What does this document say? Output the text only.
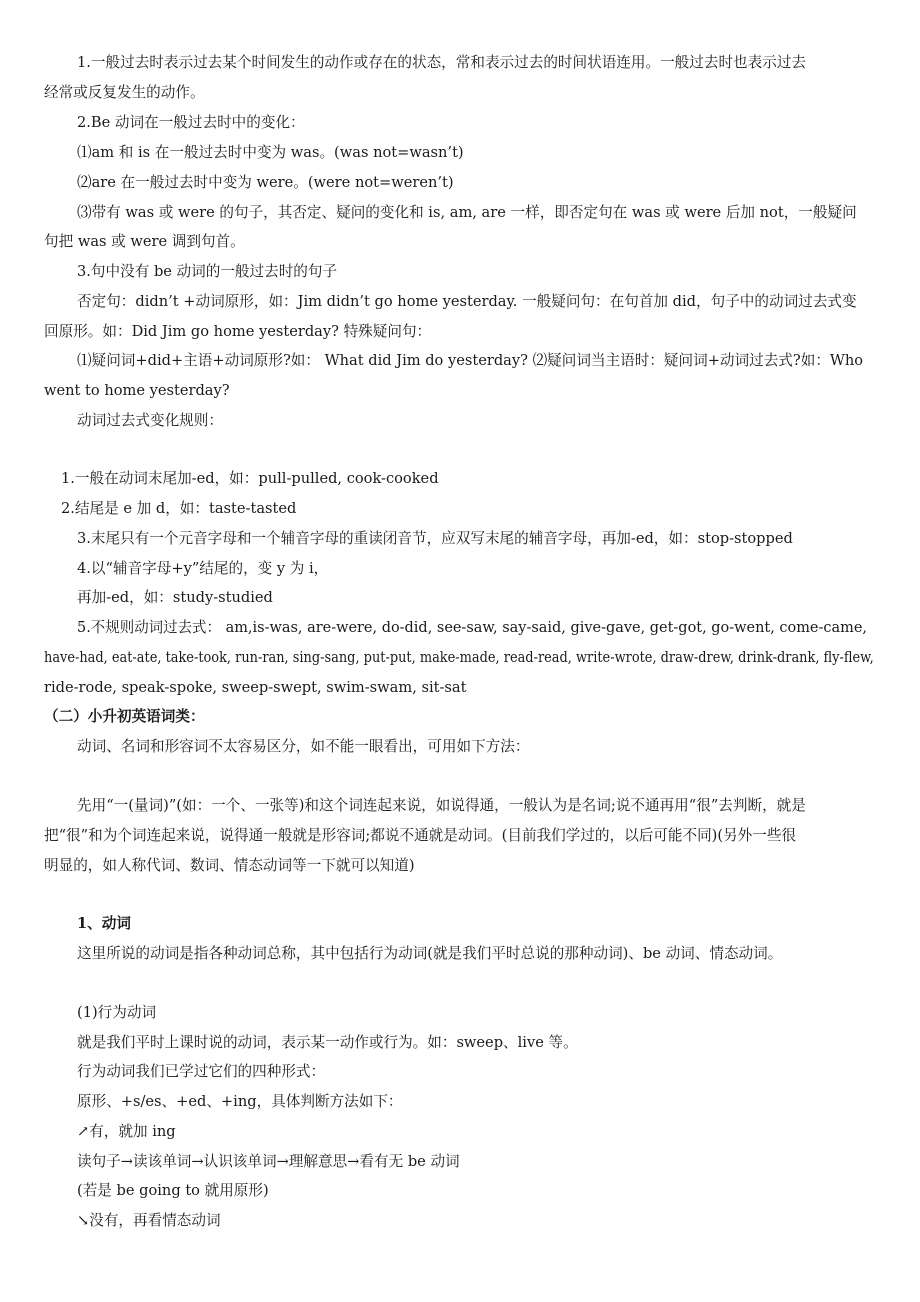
1.一般过去时表示过去某个时间发生的动作或存在的状态，常和表示过去的时间状语连用。一般过去时也表示过去
经常或反复发生的动作。
2.Be 动词在一般过去时中的变化：
⑴am 和 is 在一般过去时中变为 was。(was not=wasn’t)
⑵are 在一般过去时中变为 were。(were not=weren’t)
⑶带有 was 或 were 的句子，其否定、疑问的变化和 is, am, are 一样，即否定句在 was 或 were 后加 not，一般疑问
句把 was 或 were 调到句首。
3.句中没有 be 动词的一般过去时的句子
否定句：didn’t +动词原形，如：Jim didn’t go home yesterday. 一般疑问句：在句首加 did，句子中的动词过去式变
回原形。如：Did Jim go home yesterday? 特殊疑问句：
⑴疑问词+did+主语+动词原形?如： What did Jim do yesterday? ⑵疑问词当主语时：疑问词+动词过去式?如：Who
went to home yesterday?
动词过去式变化规则：
1.一般在动词末尾加-ed，如：pull-pulled, cook-cooked
2.结尾是 e 加 d，如：taste-tasted
3.末尾只有一个元音字母和一个辅音字母的重读闭音节，应双写末尾的辅音字母，再加-ed，如：stop-stopped
4.以“辅音字母+y”结尾的，变 y 为 i，
再加-ed，如：study-studied
5.不规则动词过去式： am,is-was, are-were, do-did, see-saw, say-said, give-gave, get-got, go-went, come-came,
have-had, eat-ate, take-took, run-ran, sing-sang, put-put, make-made, read-read, write-wrote, draw-drew, drink-drank, fly-flew,
ride-rode, speak-spoke, sweep-swept, swim-swam, sit-sat
（二）小升初英语词类：
动词、名词和形容词不太容易区分，如不能一眼看出，可用如下方法：
先用“一(量词)”(如：一个、一张等)和这个词连起来说，如说得通，一般认为是名词;说不通再用“很”去判断，就是
把“很”和为个词连起来说，说得通一般就是形容词;都说不通就是动词。(目前我们学过的，以后可能不同)(另外一些很
明显的，如人称代词、数词、情态动词等一下就可以知道)
1、动词
这里所说的动词是指各种动词总称，其中包括行为动词(就是我们平时总说的那种动词)、be 动词、情态动词。
(1)行为动词
就是我们平时上课时说的动词，表示某一动作或行为。如：sweep、live 等。
行为动词我们已学过它们的四种形式：
原形、+s/es、+ed、+ing，具体判断方法如下：
↗有，就加 ing
读句子→读该单词→认识该单词→理解意思→看有无 be 动词
(若是 be going to 就用原形)
↘没有，再看情态动词
